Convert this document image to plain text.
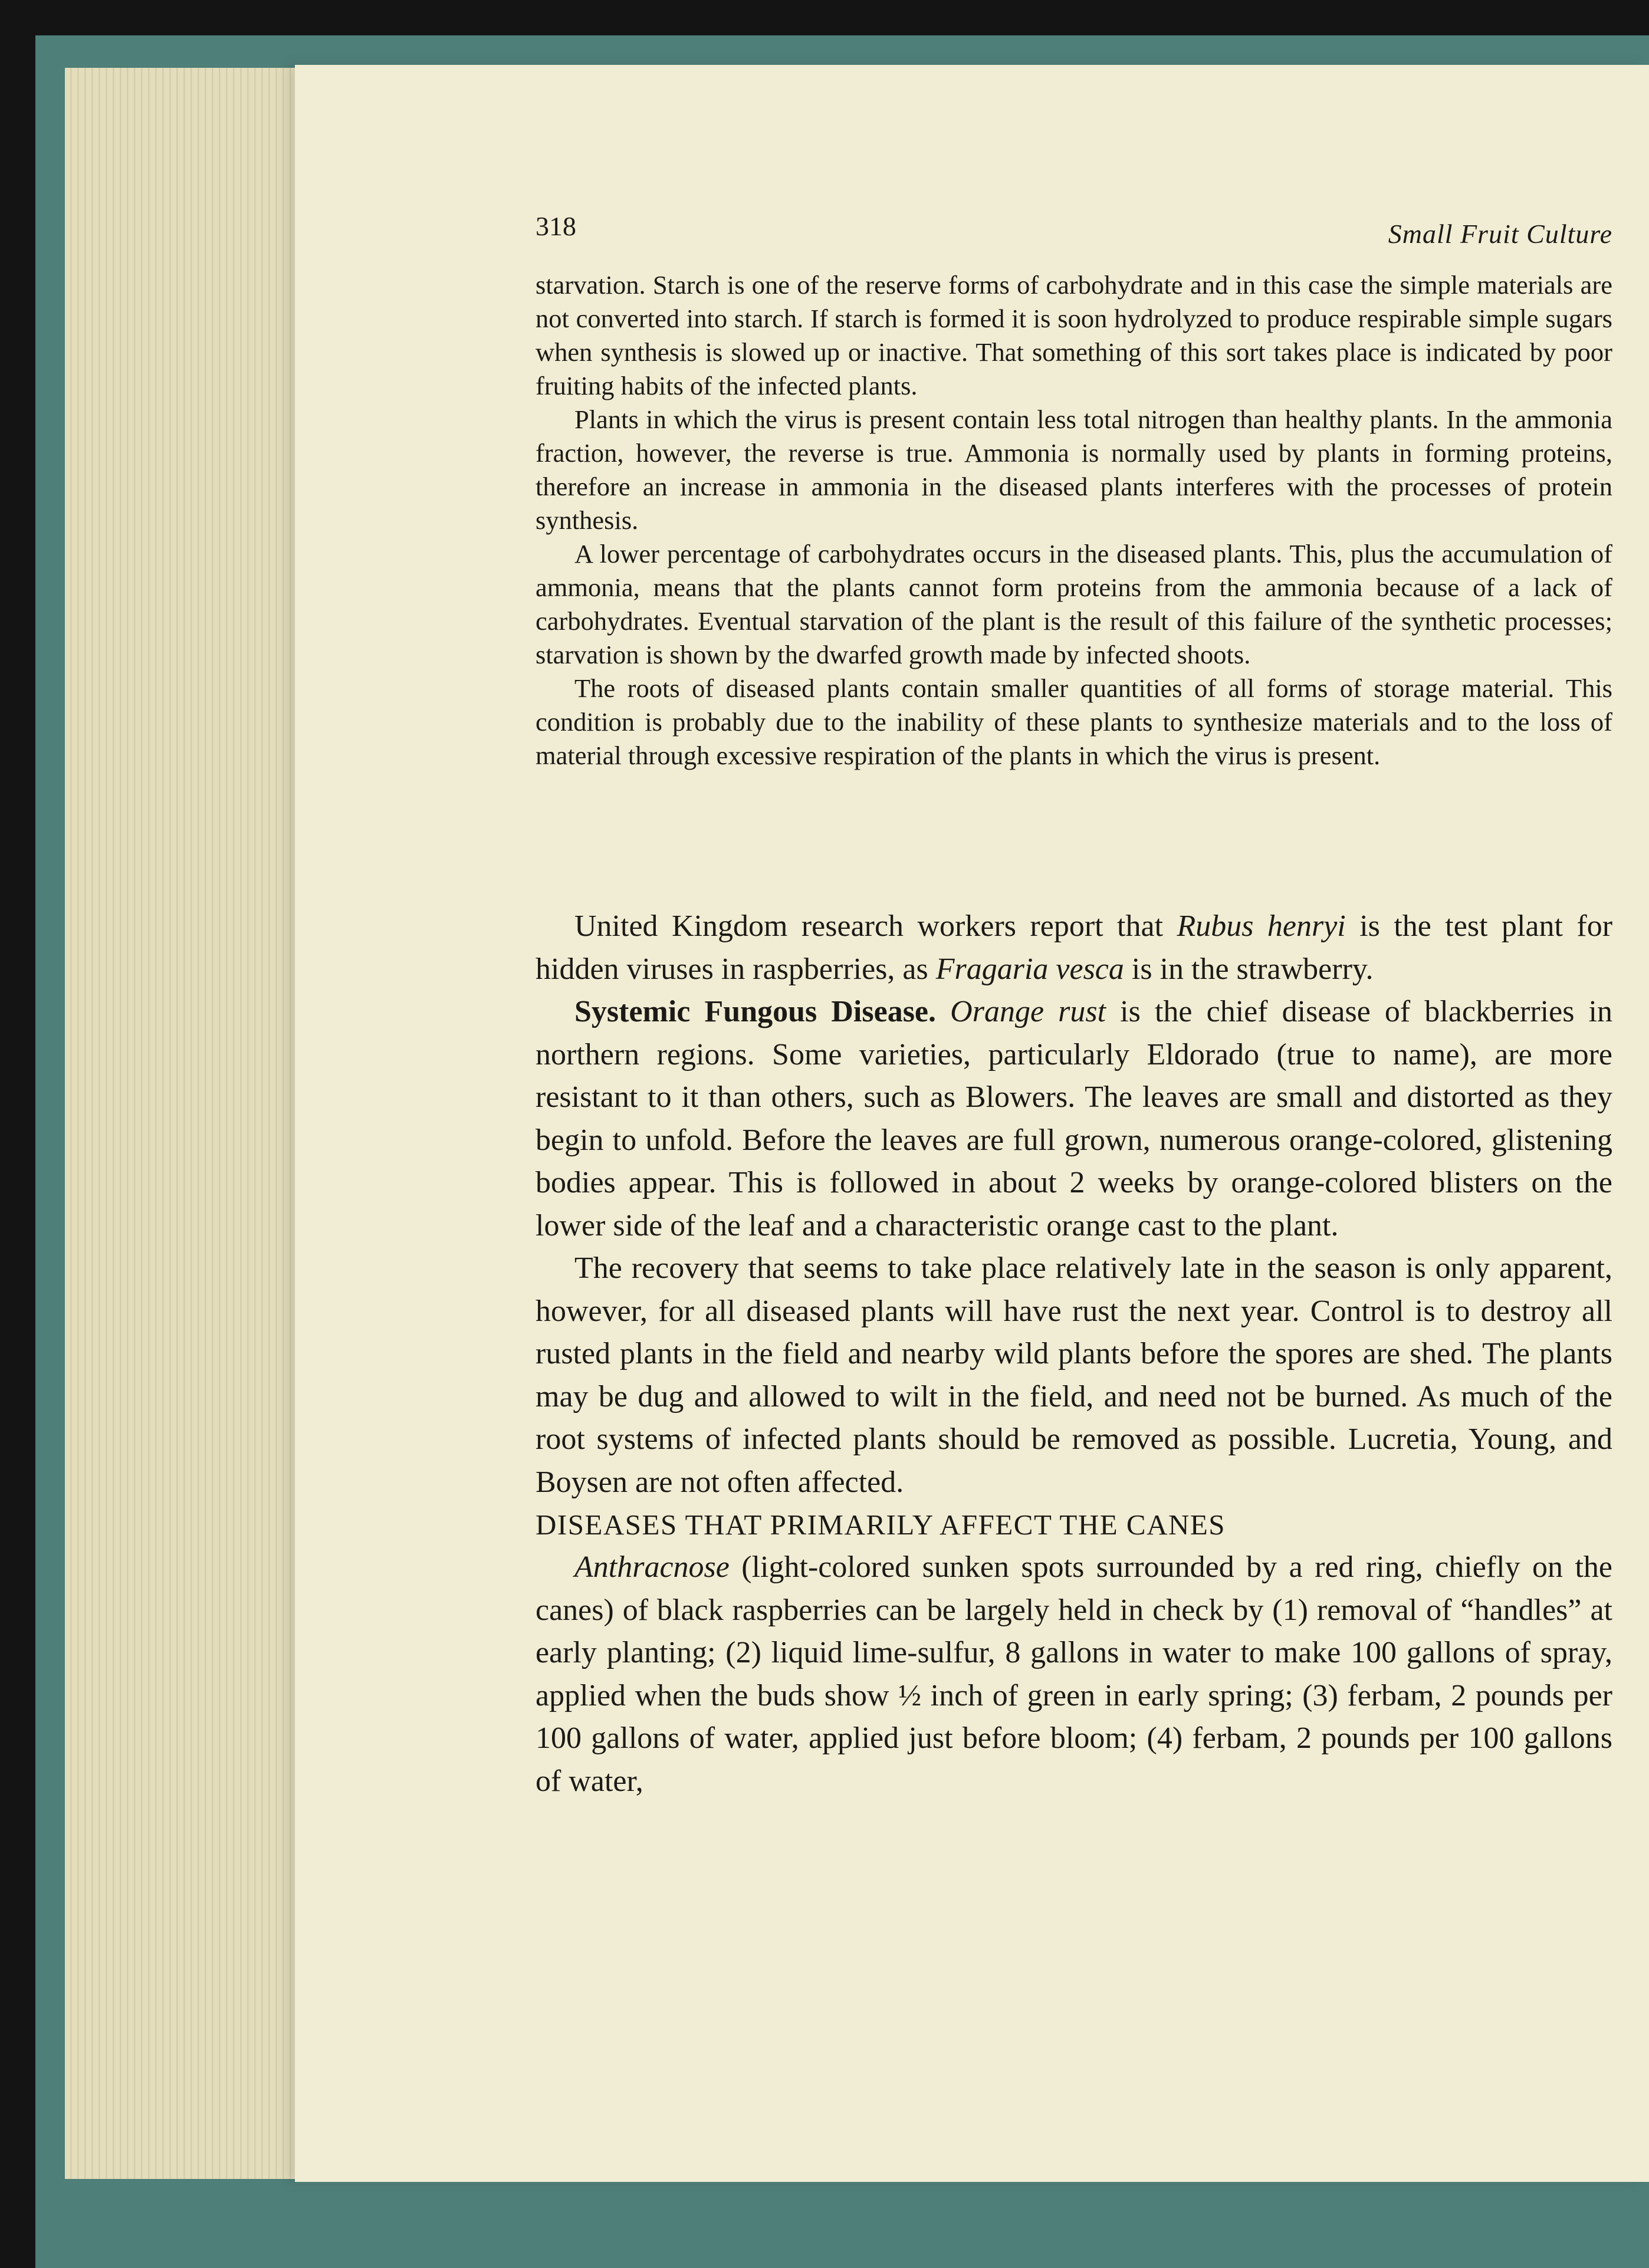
318	Small Fruit Culture

starvation. Starch is one of the reserve forms of carbohydrate and in this case the simple materials are not converted into starch. If starch is formed it is soon hydrolyzed to produce respirable simple sugars when synthesis is slowed up or inactive. That something of this sort takes place is indicated by poor fruiting habits of the infected plants.

Plants in which the virus is present contain less total nitrogen than healthy plants. In the ammonia fraction, however, the reverse is true. Ammonia is normally used by plants in forming proteins, therefore an increase in ammonia in the diseased plants interferes with the processes of protein synthesis.

A lower percentage of carbohydrates occurs in the diseased plants. This, plus the accumulation of ammonia, means that the plants cannot form proteins from the ammonia because of a lack of carbohydrates. Eventual starvation of the plant is the result of this failure of the synthetic processes; starvation is shown by the dwarfed growth made by infected shoots.

The roots of diseased plants contain smaller quantities of all forms of storage material. This condition is probably due to the inability of these plants to synthesize materials and to the loss of material through excessive respiration of the plants in which the virus is present.

United Kingdom research workers report that Rubus henryi is the test plant for hidden viruses in raspberries, as Fragaria vesca is in the strawberry.

Systemic Fungous Disease. Orange rust is the chief disease of blackberries in northern regions. Some varieties, particularly Eldorado (true to name), are more resistant to it than others, such as Blowers. The leaves are small and distorted as they begin to unfold. Before the leaves are full grown, numerous orange-colored, glistening bodies appear. This is followed in about 2 weeks by orange-colored blisters on the lower side of the leaf and a characteristic orange cast to the plant.

The recovery that seems to take place relatively late in the season is only apparent, however, for all diseased plants will have rust the next year. Control is to destroy all rusted plants in the field and nearby wild plants before the spores are shed. The plants may be dug and allowed to wilt in the field, and need not be burned. As much of the root systems of infected plants should be removed as possible. Lucretia, Young, and Boysen are not often affected.

DISEASES THAT PRIMARILY AFFECT THE CANES

Anthracnose (light-colored sunken spots surrounded by a red ring, chiefly on the canes) of black raspberries can be largely held in check by (1) removal of “handles” at early planting; (2) liquid lime-sulfur, 8 gallons in water to make 100 gallons of spray, applied when the buds show ½ inch of green in early spring; (3) ferbam, 2 pounds per 100 gallons of water, applied just before bloom; (4) ferbam, 2 pounds per 100 gallons of water,
